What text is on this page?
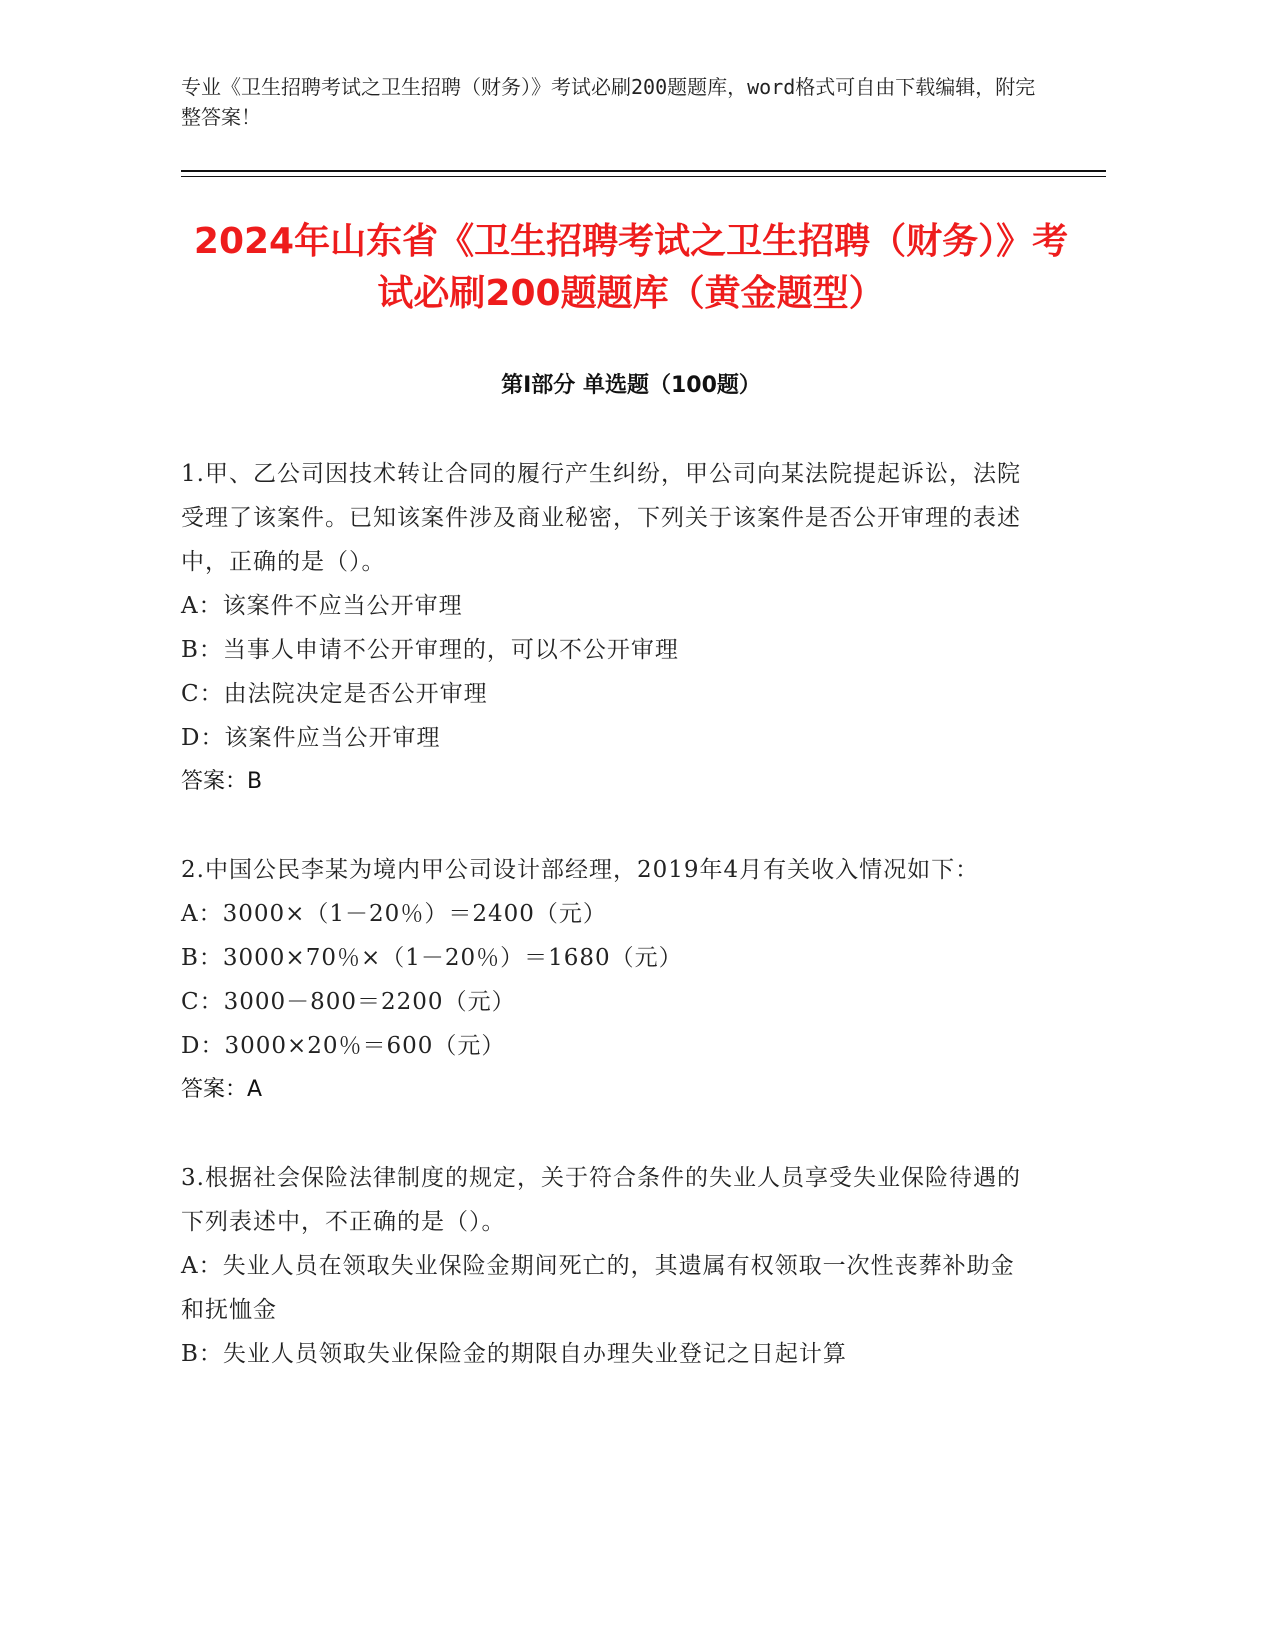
专业《卫生招聘考试之卫生招聘（财务）》考试必刷200题题库，word格式可自由下载编辑，附完整答案！
2024年山东省《卫生招聘考试之卫生招聘（财务）》考试必刷200题题库（黄金题型）
第I部分 单选题（100题）
1.甲、乙公司因技术转让合同的履行产生纠纷，甲公司向某法院提起诉讼，法院受理了该案件。已知该案件涉及商业秘密，下列关于该案件是否公开审理的表述中，正确的是（）。
A：该案件不应当公开审理
B：当事人申请不公开审理的，可以不公开审理
C：由法院决定是否公开审理
D：该案件应当公开审理
答案：B
2.中国公民李某为境内甲公司设计部经理，2019年4月有关收入情况如下：
A：3000×（1－20％）＝2400（元）
B：3000×70％×（1－20％）＝1680（元）
C：3000－800＝2200（元）
D：3000×20％＝600（元）
答案：A
3.根据社会保险法律制度的规定，关于符合条件的失业人员享受失业保险待遇的下列表述中，不正确的是（）。
A：失业人员在领取失业保险金期间死亡的，其遗属有权领取一次性丧葬补助金和抚恤金
B：失业人员领取失业保险金的期限自办理失业登记之日起计算
